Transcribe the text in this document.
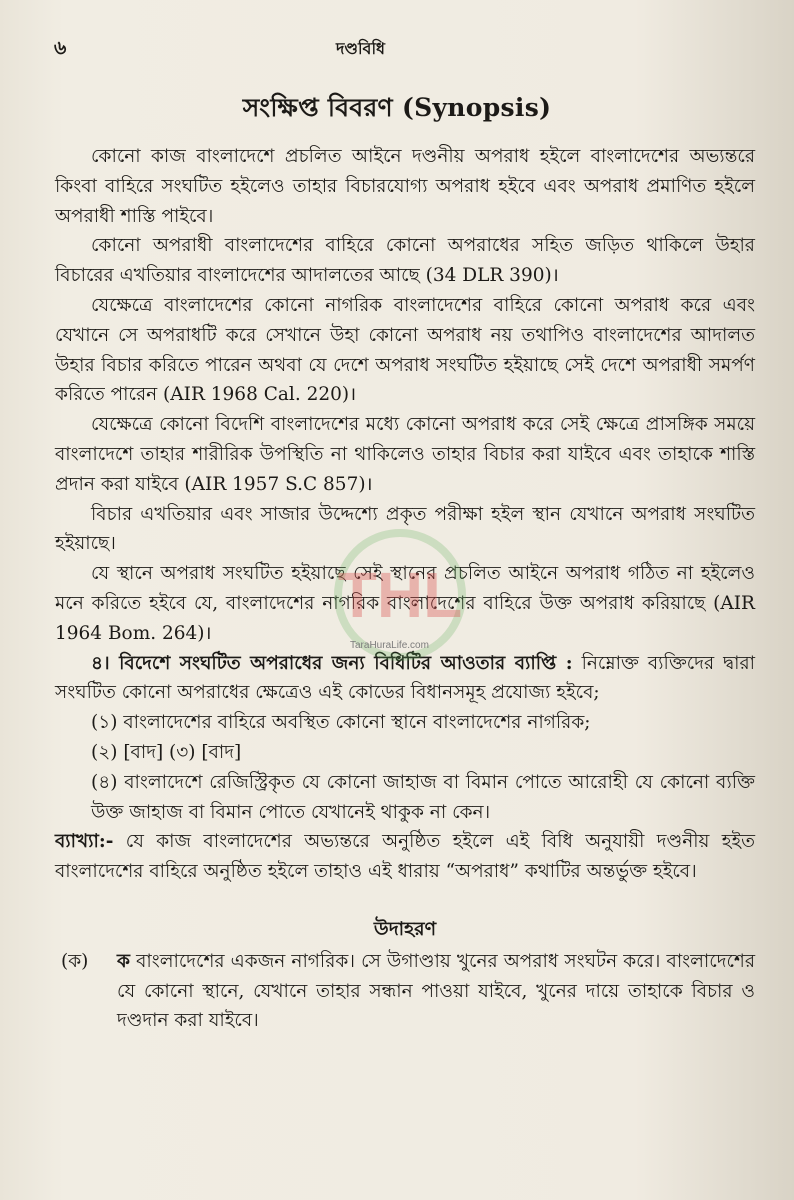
৬	দণ্ডবিধি
সংক্ষিপ্ত বিবরণ (Synopsis)

কোনো কাজ বাংলাদেশে প্রচলিত আইনে দণ্ডনীয় অপরাধ হইলে বাংলাদেশের অভ্যন্তরে কিংবা বাহিরে সংঘটিত হইলেও তাহার বিচারযোগ্য অপরাধ হইবে এবং অপরাধ প্রমাণিত হইলে অপরাধী শাস্তি পাইবে।

কোনো অপরাধী বাংলাদেশের বাহিরে কোনো অপরাধের সহিত জড়িত থাকিলে উহার বিচারের এখতিয়ার বাংলাদেশের আদালতের আছে (34 DLR 390)।

যেক্ষেত্রে বাংলাদেশের কোনো নাগরিক বাংলাদেশের বাহিরে কোনো অপরাধ করে এবং যেখানে সে অপরাধটি করে সেখানে উহা কোনো অপরাধ নয় তথাপিও বাংলাদেশের আদালত উহার বিচার করিতে পারেন অথবা যে দেশে অপরাধ সংঘটিত হইয়াছে সেই দেশে অপরাধী সমর্পণ করিতে পারেন (AIR 1968 Cal. 220)।

যেক্ষেত্রে কোনো বিদেশি বাংলাদেশের মধ্যে কোনো অপরাধ করে সেই ক্ষেত্রে প্রাসঙ্গিক সময়ে বাংলাদেশে তাহার শারীরিক উপস্থিতি না থাকিলেও তাহার বিচার করা যাইবে এবং তাহাকে শাস্তি প্রদান করা যাইবে (AIR 1957 S.C 857)।

বিচার এখতিয়ার এবং সাজার উদ্দেশ্যে প্রকৃত পরীক্ষা হইল স্থান যেখানে অপরাধ সংঘটিত হইয়াছে।

যে স্থানে অপরাধ সংঘটিত হইয়াছে সেই স্থানের প্রচলিত আইনে অপরাধ গঠিত না হইলেও মনে করিতে হইবে যে, বাংলাদেশের নাগরিক বাংলাদেশের বাহিরে উক্ত অপরাধ করিয়াছে (AIR 1964 Bom. 264)।

৪। বিদেশে সংঘটিত অপরাধের জন্য বিধিটির আওতার ব্যাপ্তি : নিম্নোক্ত ব্যক্তিদের দ্বারা সংঘটিত কোনো অপরাধের ক্ষেত্রেও এই কোডের বিধানসমূহ প্রযোজ্য হইবে;

(১) বাংলাদেশের বাহিরে অবস্থিত কোনো স্থানে বাংলাদেশের নাগরিক;

(২) [বাদ] (৩) [বাদ]

(৪) বাংলাদেশে রেজিস্ট্রিকৃত যে কোনো জাহাজ বা বিমান পোতে আরোহী যে কোনো ব্যক্তি উক্ত জাহাজ বা বিমান পোতে যেখানেই থাকুক না কেন।

ব্যাখ্যা:- যে কাজ বাংলাদেশের অভ্যন্তরে অনুষ্ঠিত হইলে এই বিধি অনুযায়ী দণ্ডনীয় হইত বাংলাদেশের বাহিরে অনুষ্ঠিত হইলে তাহাও এই ধারায় “অপরাধ” কথাটির অন্তর্ভুক্ত হইবে।

উদাহরণ

(ক)	ক বাংলাদেশের একজন নাগরিক। সে উগাণ্ডায় খুনের অপরাধ সংঘটন করে। বাংলাদেশের যে কোনো স্থানে, যেখানে তাহার সন্ধান পাওয়া যাইবে, খুনের দায়ে তাহাকে বিচার ও দণ্ডদান করা যাইবে।
THL
TaraHuraLife.com
